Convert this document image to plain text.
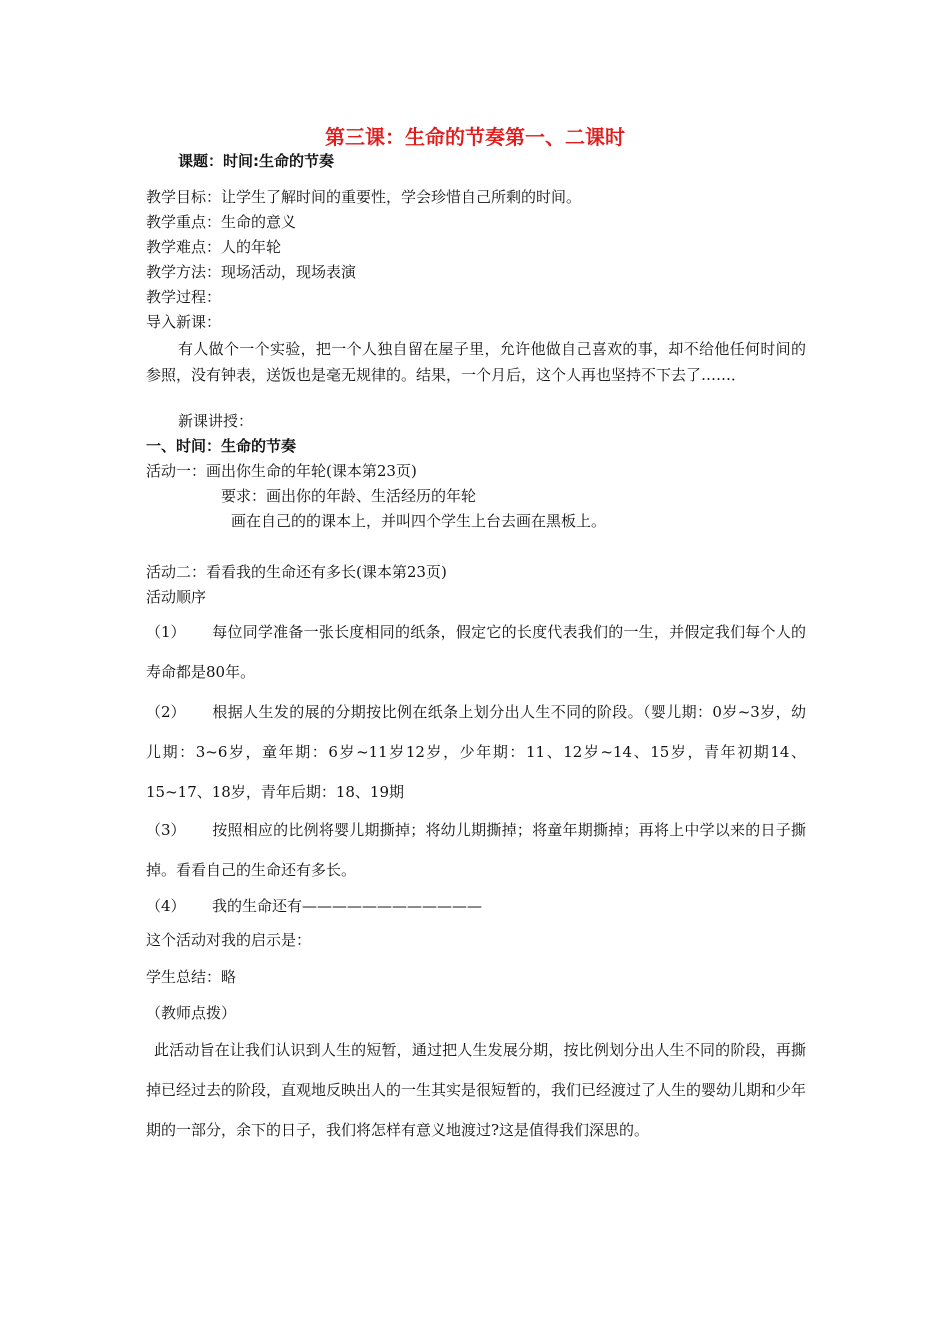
第三课：生命的节奏第一、二课时
课题：时间:生命的节奏
教学目标：让学生了解时间的重要性，学会珍惜自己所剩的时间。
教学重点：生命的意义
教学难点：人的年轮
教学方法：现场活动，现场表演
教学过程：
导入新课：
有人做个一个实验，把一个人独自留在屋子里，允许他做自己喜欢的事，却不给他任何时间的参照，没有钟表，送饭也是毫无规律的。结果，一个月后，这个人再也坚持不下去了……．
新课讲授：
一、时间：生命的节奏
活动一：画出你生命的年轮(课本第23页)
要求：画出你的年龄、生活经历的年轮
画在自己的的课本上，并叫四个学生上台去画在黑板上。
活动二：看看我的生命还有多长(课本第23页)
活动顺序
（1） 每位同学准备一张长度相同的纸条，假定它的长度代表我们的一生，并假定我们每个人的寿命都是80年。
（2） 根据人生发的展的分期按比例在纸条上划分出人生不同的阶段。（婴儿期：0岁~3岁，幼儿期：3~6岁，童年期：6岁~11岁12岁，少年期：11、12岁~14、15岁，青年初期14、15~17、18岁，青年后期：18、19期
（3） 按照相应的比例将婴儿期撕掉；将幼儿期撕掉；将童年期撕掉；再将上中学以来的日子撕掉。看看自己的生命还有多长。
（4） 我的生命还有————————————
这个活动对我的启示是：
学生总结：略
（教师点拨）
此活动旨在让我们认识到人生的短暂，通过把人生发展分期，按比例划分出人生不同的阶段，再撕掉已经过去的阶段，直观地反映出人的一生其实是很短暂的，我们已经渡过了人生的婴幼儿期和少年期的一部分，余下的日子，我们将怎样有意义地渡过?这是值得我们深思的。
